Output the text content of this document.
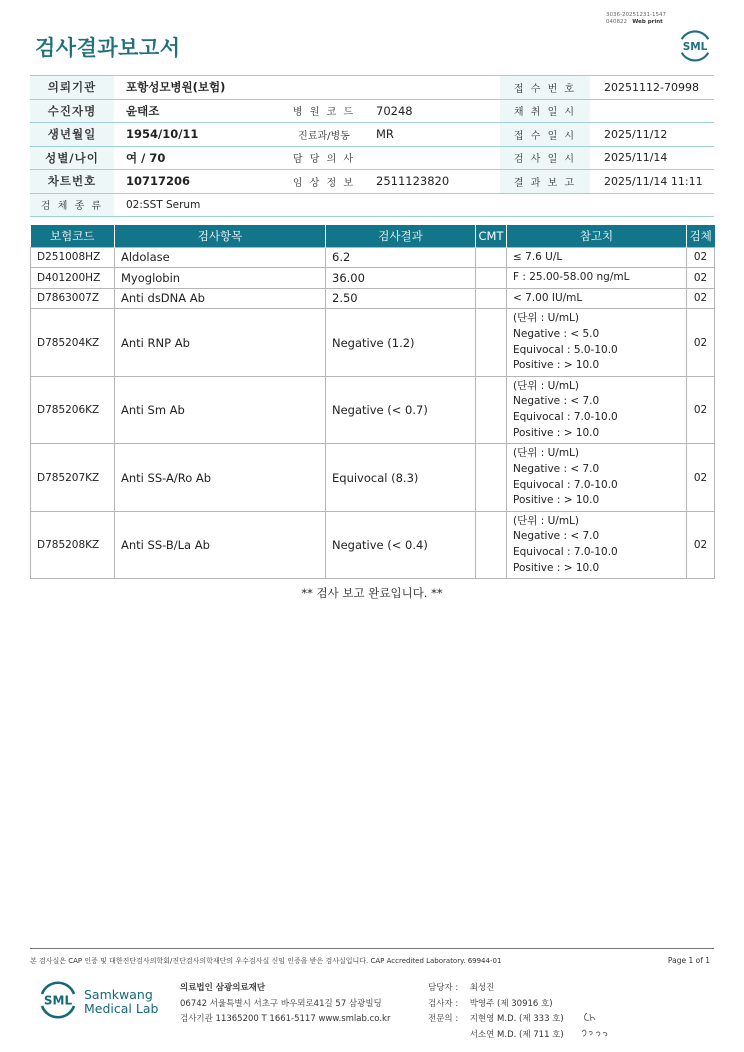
3036-20251231-1547
040822 Web print
검사결과보고서	SML
의뢰기관	포항성모병원(보험)			접 수 번 호	20251112-70998
수진자명	윤태조	병 원 코 드	70248	채 취 일 시	
생년월일	1954/10/11	진료과/병동	MR	접 수 일 시	2025/11/12
성별/나이	여 / 70	담 당 의 사		검 사 일 시	2025/11/14
차트번호	10717206	임 상 정 보	2511123820	결 과 보 고	2025/11/14 11:11
검 체 종 류	02:SST Serum				
보험코드	검사항목	검사결과	CMT	참고치	검체
D251008HZ	Aldolase	6.2		≤ 7.6 U/L	02
D401200HZ	Myoglobin	36.00		F : 25.00-58.00 ng/mL	02
D7863007Z	Anti dsDNA Ab	2.50		< 7.00 IU/mL	02
D785204KZ	Anti RNP Ab	Negative (1.2)		(단위 : U/mL)
Negative : < 5.0
Equivocal : 5.0-10.0
Positive : > 10.0	02
D785206KZ	Anti Sm Ab	Negative (< 0.7)		(단위 : U/mL)
Negative : < 7.0
Equivocal : 7.0-10.0
Positive : > 10.0	02
D785207KZ	Anti SS-A/Ro Ab	Equivocal (8.3)		(단위 : U/mL)
Negative : < 7.0
Equivocal : 7.0-10.0
Positive : > 10.0	02
D785208KZ	Anti SS-B/La Ab	Negative (< 0.4)		(단위 : U/mL)
Negative : < 7.0
Equivocal : 7.0-10.0
Positive : > 10.0	02
** 검사 보고 완료입니다. **
본 검사실은 CAP 인증 및 대한진단검사의학회/진단검사의학재단의 우수검사실 신임 인증을 받은 검사실입니다. CAP Accredited Laboratory. 69944-01	Page 1 of 1
SML Samkwang
Medical Lab
의료법인 삼광의료재단
06742 서울특별시 서초구 바우뫼로41길 57 삼광빌딩
검사기관 11365200 T 1661-5117 www.smlab.co.kr
담당자 : 최성진
검사자 : 박영주 (제 30916 호)
전문의 : 지현영 M.D. (제 333 호)
서소연 M.D. (제 711 호)
